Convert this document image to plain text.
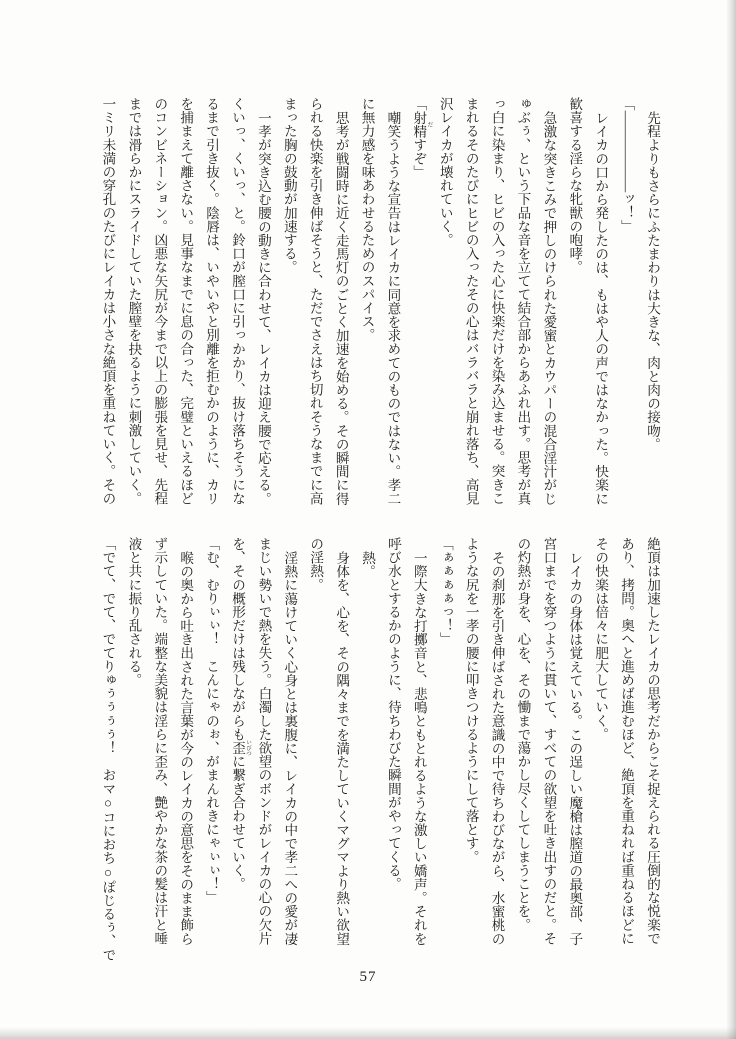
先程よりもさらにふたまわりは大きな、肉と肉の接吻。
「――――――ッ！」
レイカの口から発したのは、もはや人の声ではなかった。快楽に
歓喜する淫らな牝獣の咆哮。
急激な突きこみで押しのけられた愛蜜とカウパーの混合淫汁がじ
ゅぶぅ、という下品な音を立てて結合部からあふれ出す。思考が真
っ白に染まり、ヒビの入った心に快楽だけを染み込ませる。突きこ
まれるそのたびにヒビの入ったその心はバラバラと崩れ落ち、高見
沢レイカが壊れていく。
「射精 だすぞ」
嘲笑うような宣告はレイカに同意を求めてのものではない。孝二
に無力感を味あわせるためのスパイス。
思考が戦闘時に近く走馬灯のごとく加速を始める。その瞬間に得
られる快楽を引き伸ばそうと、ただでさえはち切れそうなまでに高
まった胸の鼓動が加速する。
一孝が突き込む腰の動きに合わせて、レイカは迎え腰で応える。
くいっ、くいっ、と。鈴口が膣口に引っかかり、抜け落ちそうにな
るまで引き抜く。陰唇は、いやいやと別離を拒むかのように、カリ
を捕まえて離さない。見事なまでに息の合った、完璧といえるほど
のコンビネーション。凶悪な矢尻が今まで以上の膨張を見せ、先程
までは滑らかにスライドしていた膣壁を抉るように刺激していく。
一ミリ未満の穿孔のたびにレイカは小さな絶頂を重ねていく。その
絶頂は加速したレイカの思考だからこそ捉えられる圧倒的な悦楽で
あり、拷問。奥へと進めば進むほど、絶頂を重ねれば重ねるほどに
その快楽は倍々に肥大していく。
レイカの身体は覚えている。この逞しい魔槍は膣道の最奥部、子
宮口までを穿つように貫いて、すべての欲望を吐き出すのだと。そ
の灼熱が身を、心を、その慟まで蕩かし尽くしてしまうことを。
その刹那を引き伸ばされた意識の中で待ちわびながら、水蜜桃の
ような尻を一孝の腰に叩きつけるようにして落とす。
「ぁぁぁぁっ！」
一際大きな打擲音と、悲鳴ともとれるような激しい嬌声。それを
呼び水とするかのように、待ちわびた瞬間がやってくる。
熱。
身体を、心を、その隅々までを満たしていくマグマより熱い欲望
の淫熱。
淫熱に蕩けていく心身とは裏腹に、レイカの中で孝二への愛が凄
まじい勢いで熱を失う。白濁した欲望のボンドがレイカの心の欠片
を、その概形だけは残しながらも歪 いびつに繋ぎ合わせていく。
「む、むりぃぃ！　こんにゃのぉ、がまんれきにゃぃぃ！」
喉の奥から吐き出された言葉が今のレイカの意思をそのまま飾ら
ず示していた。端整な美貌は淫らに歪み、艶やかな茶の髪は汗と唾
液と共に振り乱される。
「でて、でて、でてりゅぅぅぅぅ！　おマ○コにおち○ぽじるぅ、で
57
